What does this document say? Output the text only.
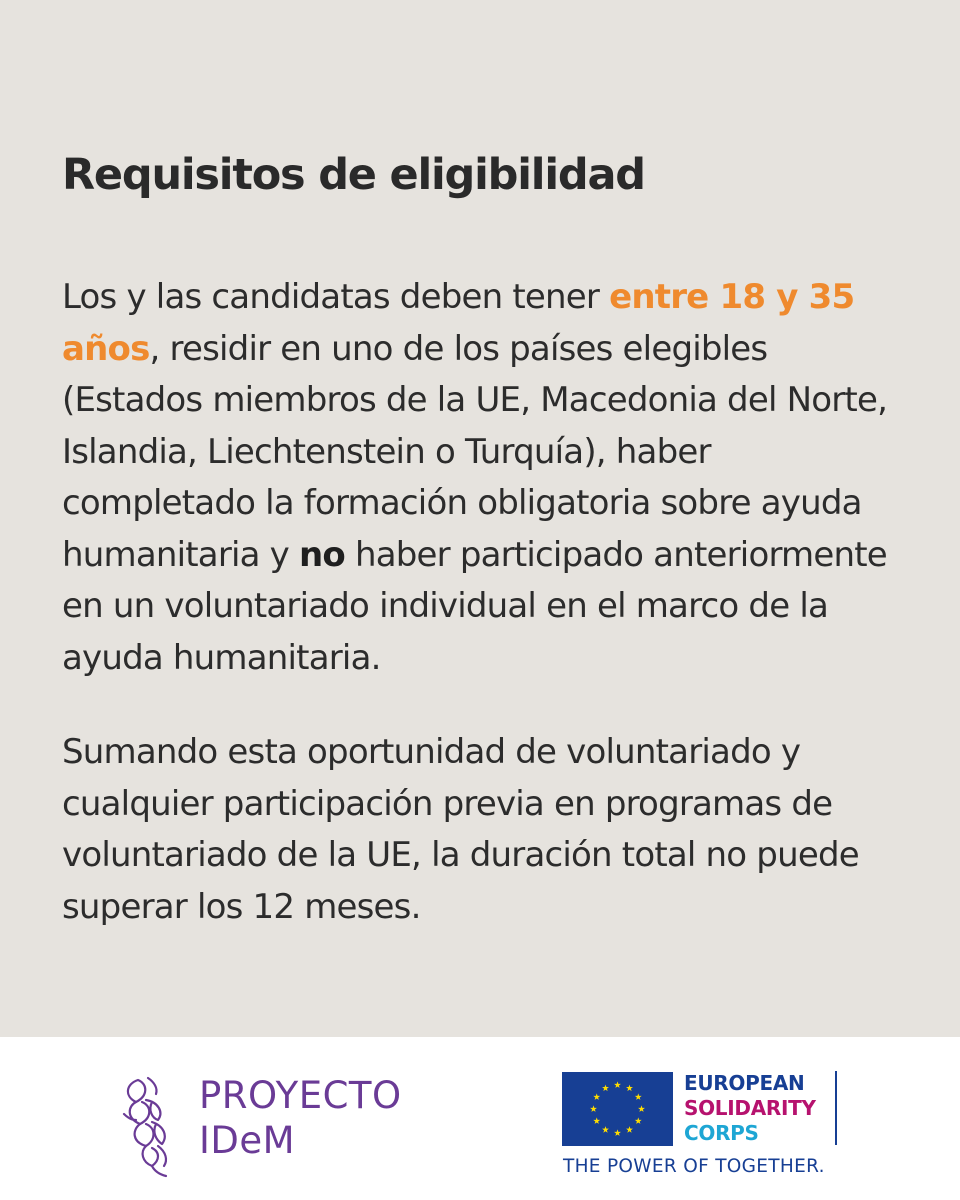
Requisitos de eligibilidad

Los y las candidatas deben tener entre 18 y 35 años, residir en uno de los países elegibles (Estados miembros de la UE, Macedonia del Norte, Islandia, Liechtenstein o Turquía), haber completado la formación obligatoria sobre ayuda humanitaria y no haber participado anteriormente en un voluntariado individual en el marco de la ayuda humanitaria.

Sumando esta oportunidad de voluntariado y cualquier participación previa en programas de voluntariado de la UE, la duración total no puede superar los 12 meses.

PROYECTO
IDeM
EUROPEAN
SOLIDARITY
CORPS
THE POWER OF TOGETHER.
